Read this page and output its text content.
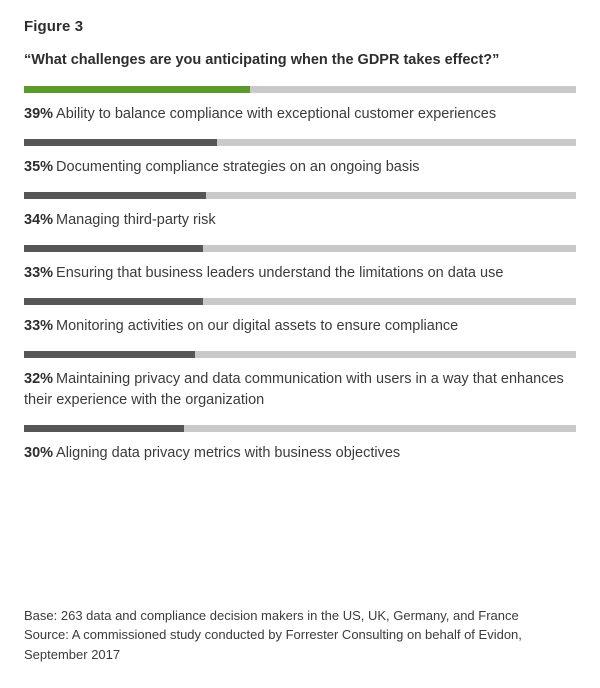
Figure 3
“What challenges are you anticipating when the GDPR takes effect?”
39% Ability to balance compliance with exceptional customer experiences
35% Documenting compliance strategies on an ongoing basis
34% Managing third-party risk
33% Ensuring that business leaders understand the limitations on data use
33% Monitoring activities on our digital assets to ensure compliance
32% Maintaining privacy and data communication with users in a way that enhances their experience with the organization
30% Aligning data privacy metrics with business objectives
Base: 263 data and compliance decision makers in the US, UK, Germany, and France
Source: A commissioned study conducted by Forrester Consulting on behalf of Evidon, September 2017
